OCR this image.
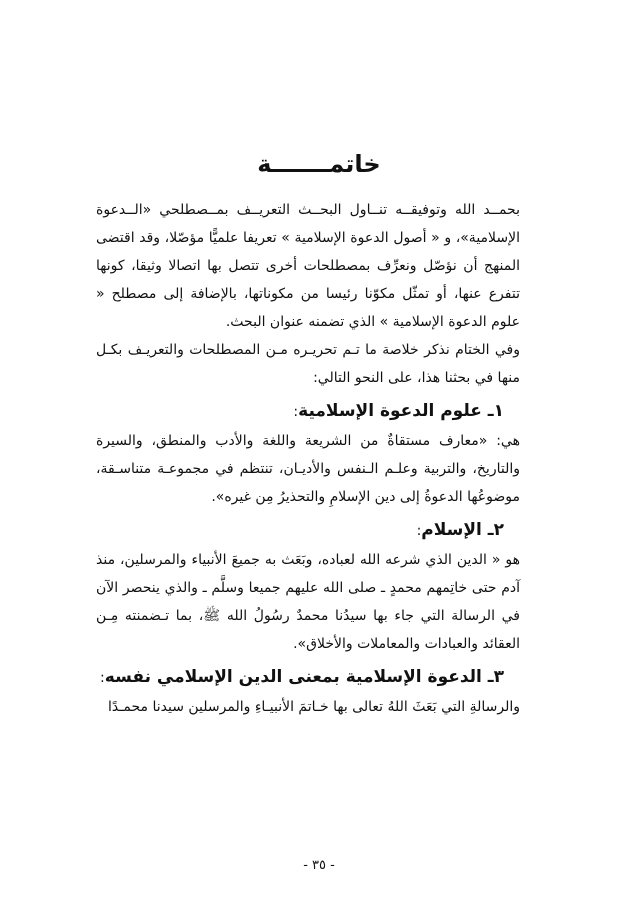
خاتمـــــــة

بحمــد الله وتوفيقــه تنــاول البحــث التعريــف بمــصطلحي «الــدعوة الإسلامية»، و « أصول الدعوة الإسلامية » تعريفا علميًّا مؤصّلا، وقد اقتضى المنهج أن نؤصّل ونعرِّف بمصطلحات أخرى تتصل بها اتصالا وثيقا، كونها تتفرع عنها، أو تمثّل مكوّنا رئيسا من مكوناتها، بالإضافة إلى مصطلح « علوم الدعوة الإسلامية » الذي تضمنه عنوان البحث.

وفي الختام نذكر خلاصة ما تـم تحريـره مـن المصطلحات والتعريـف بكـل منها في بحثنا هذا، على النحو التالي:

١ـ علوم الدعوة الإسلامية:

هي: «معارف مستقاةٌ من الشريعة واللغة والأدب والمنطق، والسيرة والتاريخ، والتربية وعلـم الـنفس والأديـان، تنتظم في مجموعـة متناسـقة، موضوعُها الدعوةُ إلى دين الإسلامِ والتحذيرُ مِن غيره».

٢ـ الإسلام:

هو « الدين الذي شرعه الله لعباده، وبَعَث به جميعَ الأنبياء والمرسلين، منذ آدم حتى خاتِمهم محمدٍ ـ صلى الله عليهم جميعا وسلَّم ـ والذي ينحصر الآن في الرسالة التي جاء بها سيدُنا محمدٌ رسُولُ الله ﷺ، بما تـضمنته مِـن العقائد والعبادات والمعاملات والأخلاق».

٣ـ الدعوة الإسلامية بمعنى الدين الإسلامي نفسه:

والرسالةِ التي بَعَثَ اللهُ تعالى بها خـاتمَ الأنبيـاءِ والمرسلين سيدنا محمـدًا

- ٣٥ -
